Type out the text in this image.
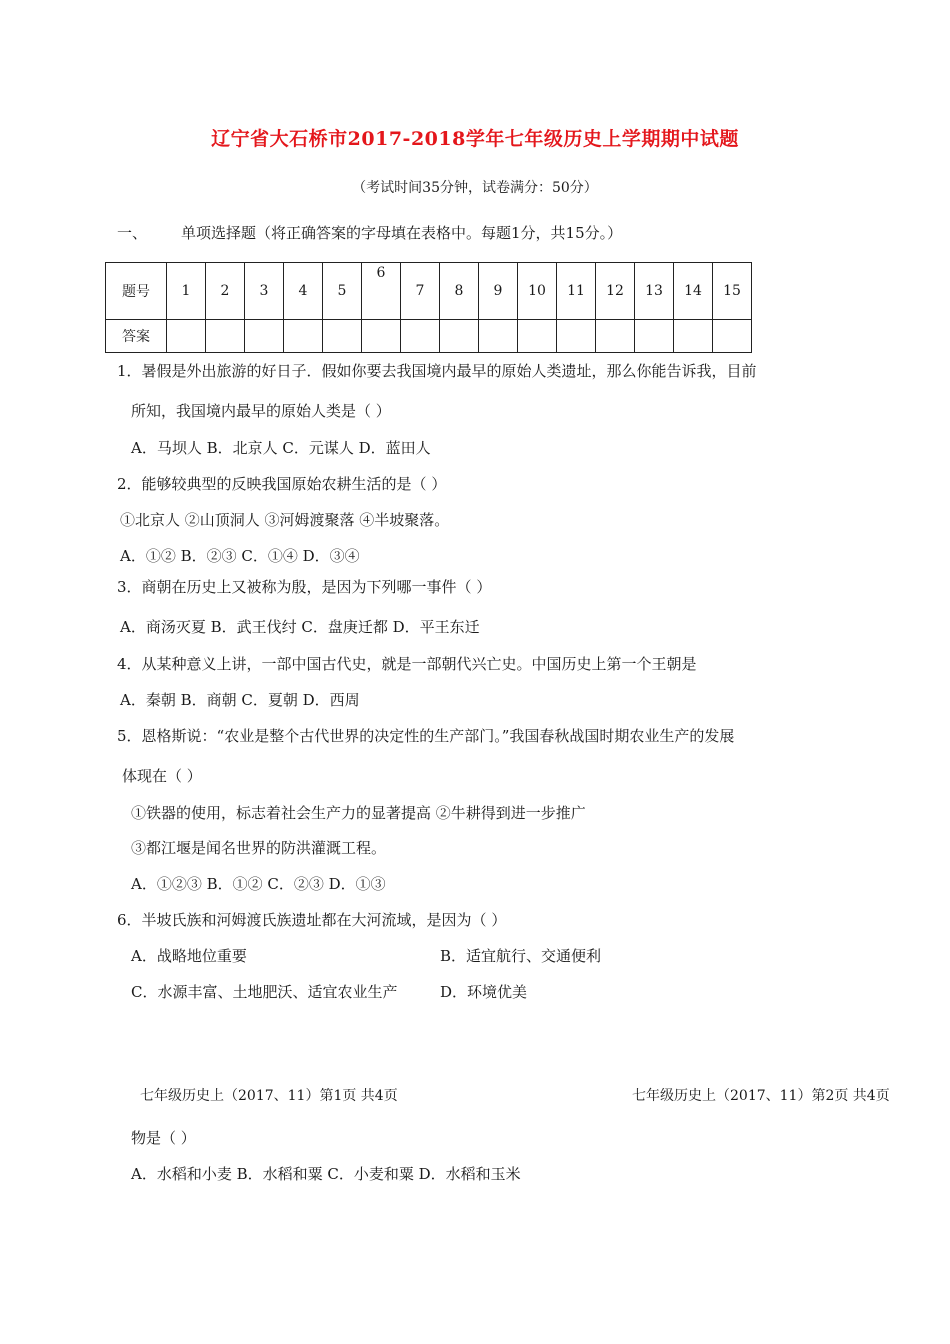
辽宁省大石桥市2017-2018学年七年级历史上学期期中试题
（考试时间35分钟，试卷满分：50分）
一、 单项选择题（将正确答案的字母填在表格中。每题1分，共15分。）
题号	1	2	3	4	5	6	7	8	9	10	11	12	13	14	15
答案															
1．暑假是外出旅游的好日子．假如你要去我国境内最早的原始人类遗址，那么你能告诉我，目前
所知，我国境内最早的原始人类是（ ）
A．马坝人 B．北京人 C．元谋人 D．蓝田人
2．能够较典型的反映我国原始农耕生活的是（ ）
①北京人 ②山顶洞人 ③河姆渡聚落 ④半坡聚落。
A．①② B．②③ C．①④ D．③④
3．商朝在历史上又被称为殷，是因为下列哪一事件（ ）
A．商汤灭夏 B．武王伐纣 C．盘庚迁都 D．平王东迁
4．从某种意义上讲，一部中国古代史，就是一部朝代兴亡史。中国历史上第一个王朝是
A．秦朝 B．商朝 C．夏朝 D．西周
5．恩格斯说：“农业是整个古代世界的决定性的生产部门。”我国春秋战国时期农业生产的发展
体现在（ ）
①铁器的使用，标志着社会生产力的显著提高 ②牛耕得到进一步推广
③都江堰是闻名世界的防洪灌溉工程。
A．①②③ B．①② C．②③ D．①③
6．半坡氏族和河姆渡氏族遗址都在大河流域，是因为（ ）
A．战略地位重要	B．适宜航行、交通便利
C．水源丰富、土地肥沃、适宜农业生产	D．环境优美
七年级历史上（2017、11）第1页 共4页	七年级历史上（2017、11）第2页 共4页
物是（ ）
A．水稻和小麦 B．水稻和粟 C．小麦和粟 D．水稻和玉米
